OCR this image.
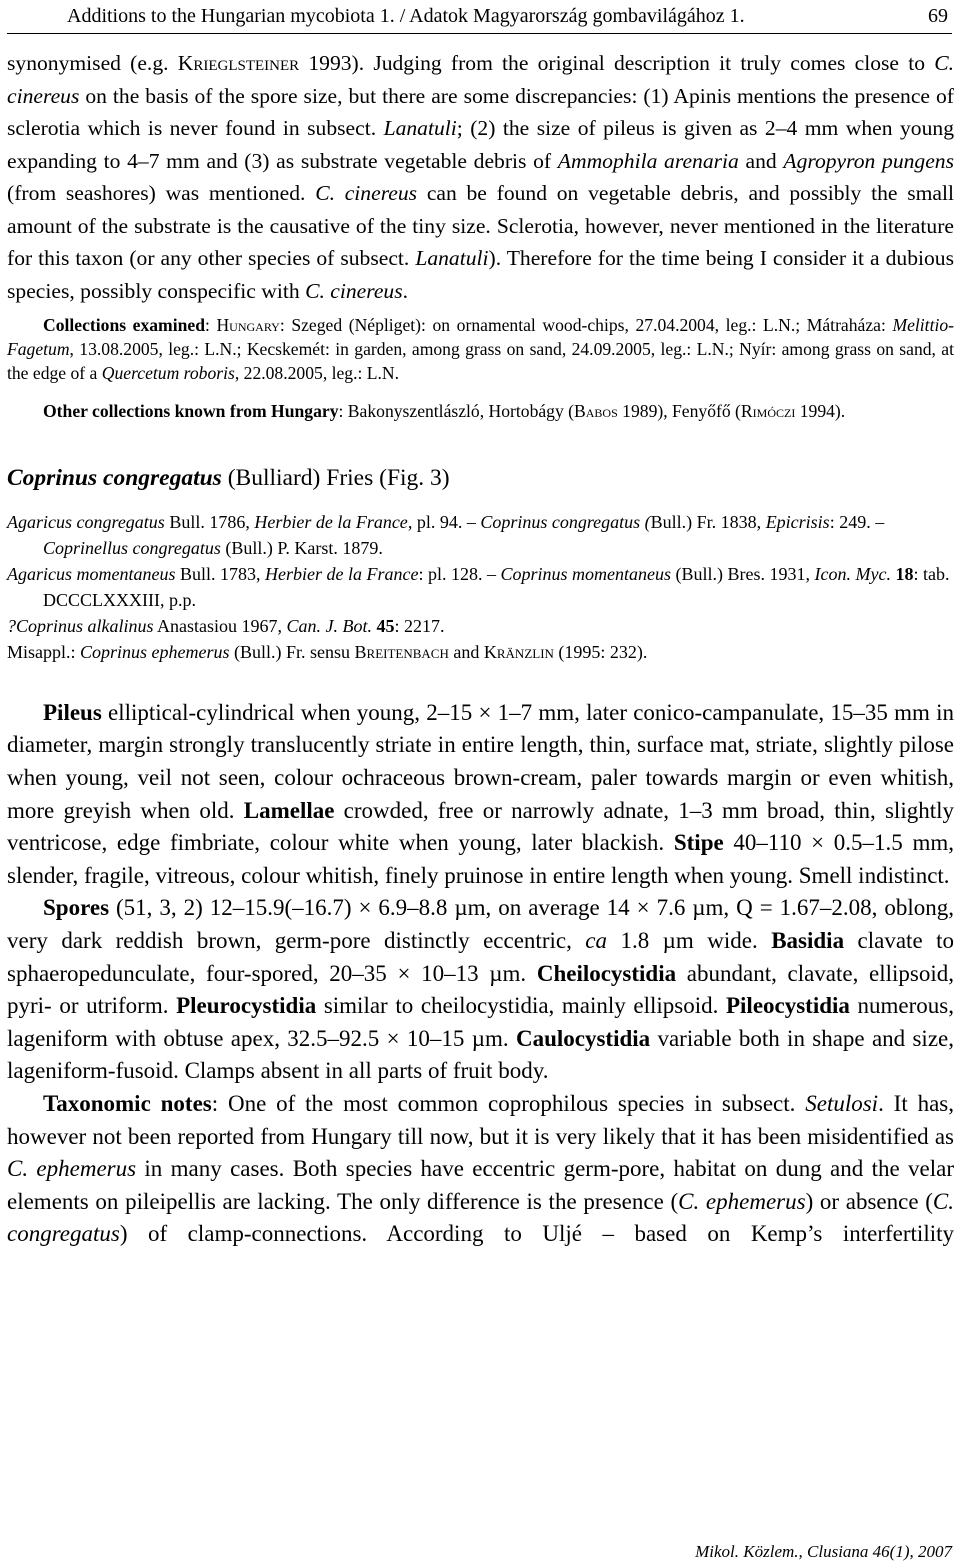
Additions to the Hungarian mycobiota 1. / Adatok Magyarország gombavilágához 1.	69

synonymised (e.g. Krieglsteiner 1993). Judging from the original description it truly comes close to C. cinereus on the basis of the spore size, but there are some discrepancies: (1) Apinis mentions the presence of sclerotia which is never found in subsect. Lanatuli; (2) the size of pileus is given as 2–4 mm when young expanding to 4–7 mm and (3) as substrate vegetable debris of Ammophila arenaria and Agropyron pungens (from seashores) was mentioned. C. cinereus can be found on vegetable debris, and possibly the small amount of the substrate is the causative of the tiny size. Sclerotia, however, never mentioned in the literature for this taxon (or any other species of subsect. Lanatuli). Therefore for the time being I consider it a dubious species, possibly conspecific with C. cinereus.

Collections examined: Hungary: Szeged (Népliget): on ornamental wood-chips, 27.04.2004, leg.: L.N.; Mátraháza: Melittio-Fagetum, 13.08.2005, leg.: L.N.; Kecskemét: in garden, among grass on sand, 24.09.2005, leg.: L.N.; Nyír: among grass on sand, at the edge of a Quercetum roboris, 22.08.2005, leg.: L.N.

Other collections known from Hungary: Bakonyszentlászló, Hortobágy (Babos 1989), Fenyőfő (Rimóczi 1994).

Coprinus congregatus (Bulliard) Fries (Fig. 3)

Agaricus congregatus Bull. 1786, Herbier de la France, pl. 94. – Coprinus congregatus (Bull.) Fr. 1838, Epicrisis: 249. – Coprinellus congregatus (Bull.) P. Karst. 1879.

Agaricus momentaneus Bull. 1783, Herbier de la France: pl. 128. – Coprinus momentaneus (Bull.) Bres. 1931, Icon. Myc. 18: tab. DCCCLXXXIII, p.p.

?Coprinus alkalinus Anastasiou 1967, Can. J. Bot. 45: 2217.

Misappl.: Coprinus ephemerus (Bull.) Fr. sensu Breitenbach and Kränzlin (1995: 232).

Pileus elliptical-cylindrical when young, 2–15 × 1–7 mm, later conico-campanulate, 15–35 mm in diameter, margin strongly translucently striate in entire length, thin, surface mat, striate, slightly pilose when young, veil not seen, colour ochraceous brown-cream, paler towards margin or even whitish, more greyish when old. Lamellae crowded, free or narrowly adnate, 1–3 mm broad, thin, slightly ventricose, edge fimbriate, colour white when young, later blackish. Stipe 40–110 × 0.5–1.5 mm, slender, fragile, vitreous, colour whitish, finely pruinose in entire length when young. Smell indistinct.

Spores (51, 3, 2) 12–15.9(–16.7) × 6.9–8.8 µm, on average 14 × 7.6 µm, Q = 1.67–2.08, oblong, very dark reddish brown, germ-pore distinctly eccentric, ca 1.8 µm wide. Basidia clavate to sphaeropedunculate, four-spored, 20–35 × 10–13 µm. Cheilocystidia abundant, clavate, ellipsoid, pyri- or utriform. Pleurocystidia similar to cheilocystidia, mainly ellipsoid. Pileocystidia numerous, lageniform with obtuse apex, 32.5–92.5 × 10–15 µm. Caulocystidia variable both in shape and size, lageniform-fusoid. Clamps absent in all parts of fruit body.

Taxonomic notes: One of the most common coprophilous species in subsect. Setulosi. It has, however not been reported from Hungary till now, but it is very likely that it has been misidentified as C. ephemerus in many cases. Both species have eccentric germ-pore, habitat on dung and the velar elements on pileipellis are lacking. The only difference is the presence (C. ephemerus) or absence (C. congregatus) of clamp-connections. According to Uljé – based on Kemp’s interfertility

Mikol. Közlem., Clusiana 46(1), 2007
